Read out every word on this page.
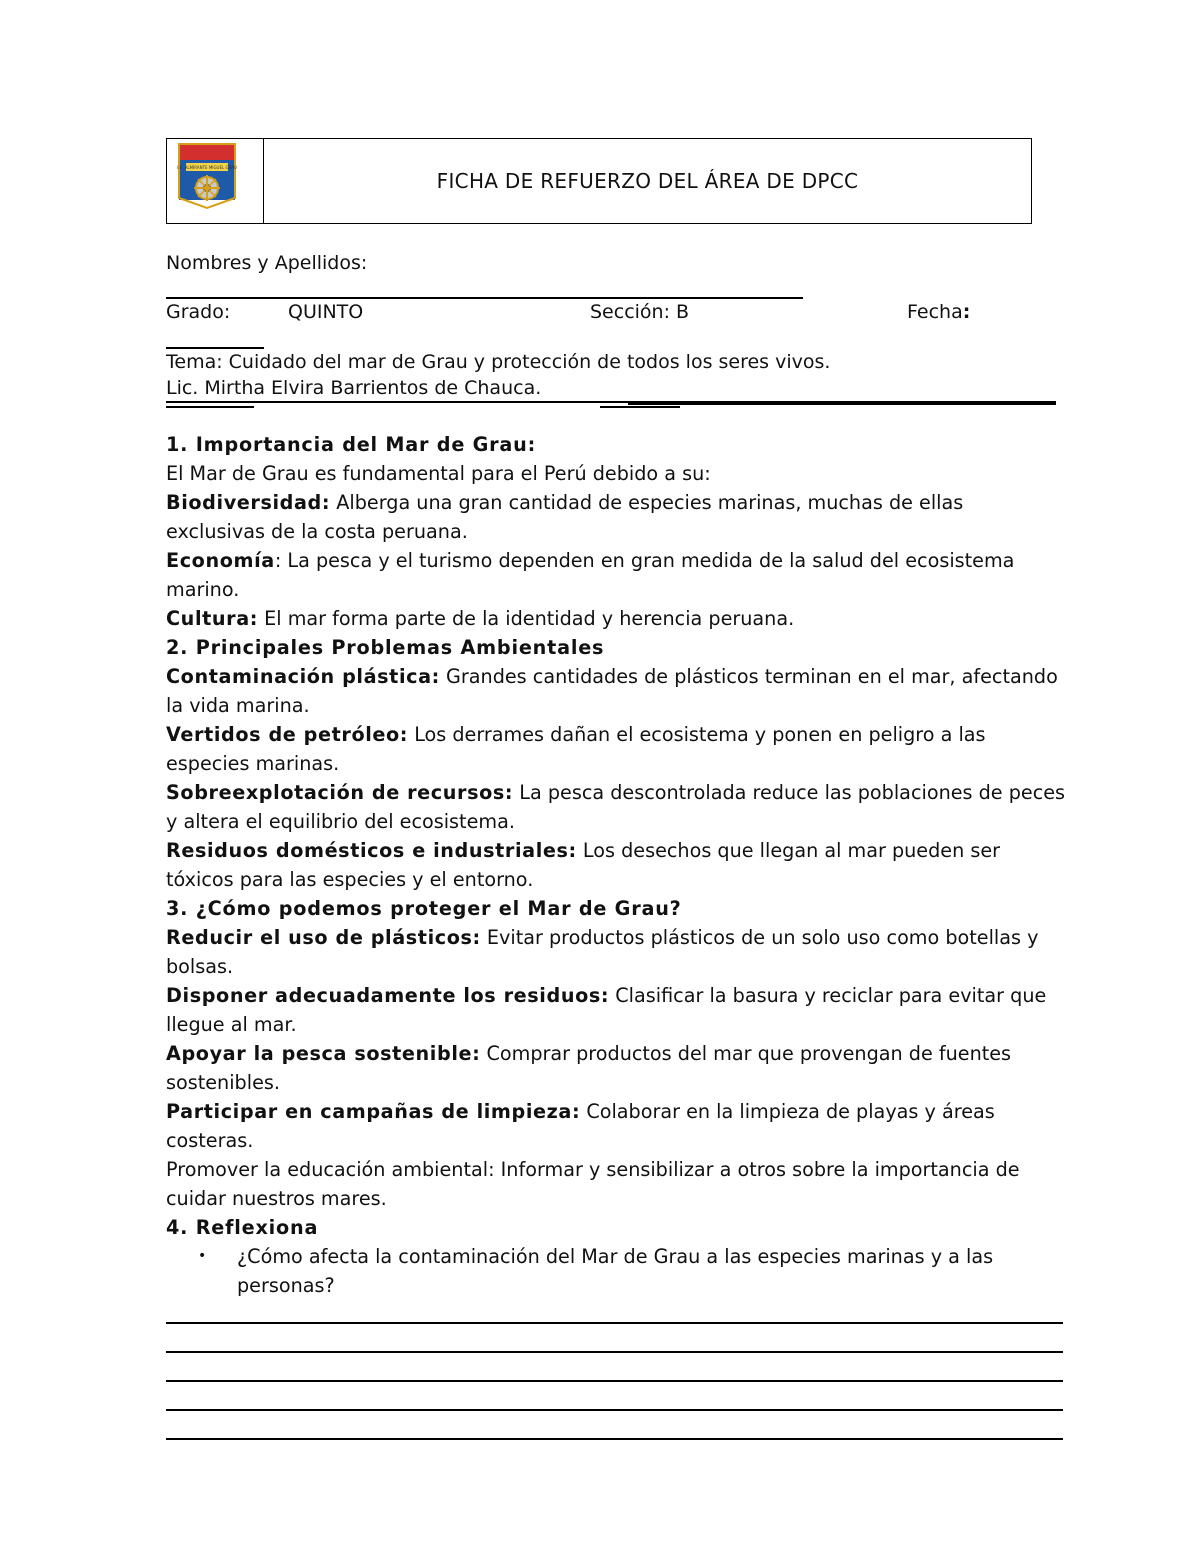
I.E. ALMIRANTE MIGUEL GRAU
FICHA DE REFUERZO DEL ÁREA DE DPCC
Nombres y Apellidos:
Grado:	QUINTO	Sección: B	Fecha:
Tema: Cuidado del mar de Grau y protección de todos los seres vivos.
Lic. Mirtha Elvira Barrientos de Chauca.

1. Importancia del Mar de Grau:

El Mar de Grau es fundamental para el Perú debido a su:

Biodiversidad: Alberga una gran cantidad de especies marinas, muchas de ellas exclusivas de la costa peruana.

Economía: La pesca y el turismo dependen en gran medida de la salud del ecosistema marino.

Cultura: El mar forma parte de la identidad y herencia peruana.

2. Principales Problemas Ambientales

Contaminación plástica: Grandes cantidades de plásticos terminan en el mar, afectando la vida marina.

Vertidos de petróleo: Los derrames dañan el ecosistema y ponen en peligro a las especies marinas.

Sobreexplotación de recursos: La pesca descontrolada reduce las poblaciones de peces y altera el equilibrio del ecosistema.

Residuos domésticos e industriales: Los desechos que llegan al mar pueden ser tóxicos para las especies y el entorno.

3. ¿Cómo podemos proteger el Mar de Grau?

Reducir el uso de plásticos: Evitar productos plásticos de un solo uso como botellas y bolsas.

Disponer adecuadamente los residuos: Clasificar la basura y reciclar para evitar que llegue al mar.

Apoyar la pesca sostenible: Comprar productos del mar que provengan de fuentes sostenibles.

Participar en campañas de limpieza: Colaborar en la limpieza de playas y áreas costeras.

Promover la educación ambiental: Informar y sensibilizar a otros sobre la importancia de cuidar nuestros mares.

4. Reflexiona

•	¿Cómo afecta la contaminación del Mar de Grau a las especies marinas y a las personas?
